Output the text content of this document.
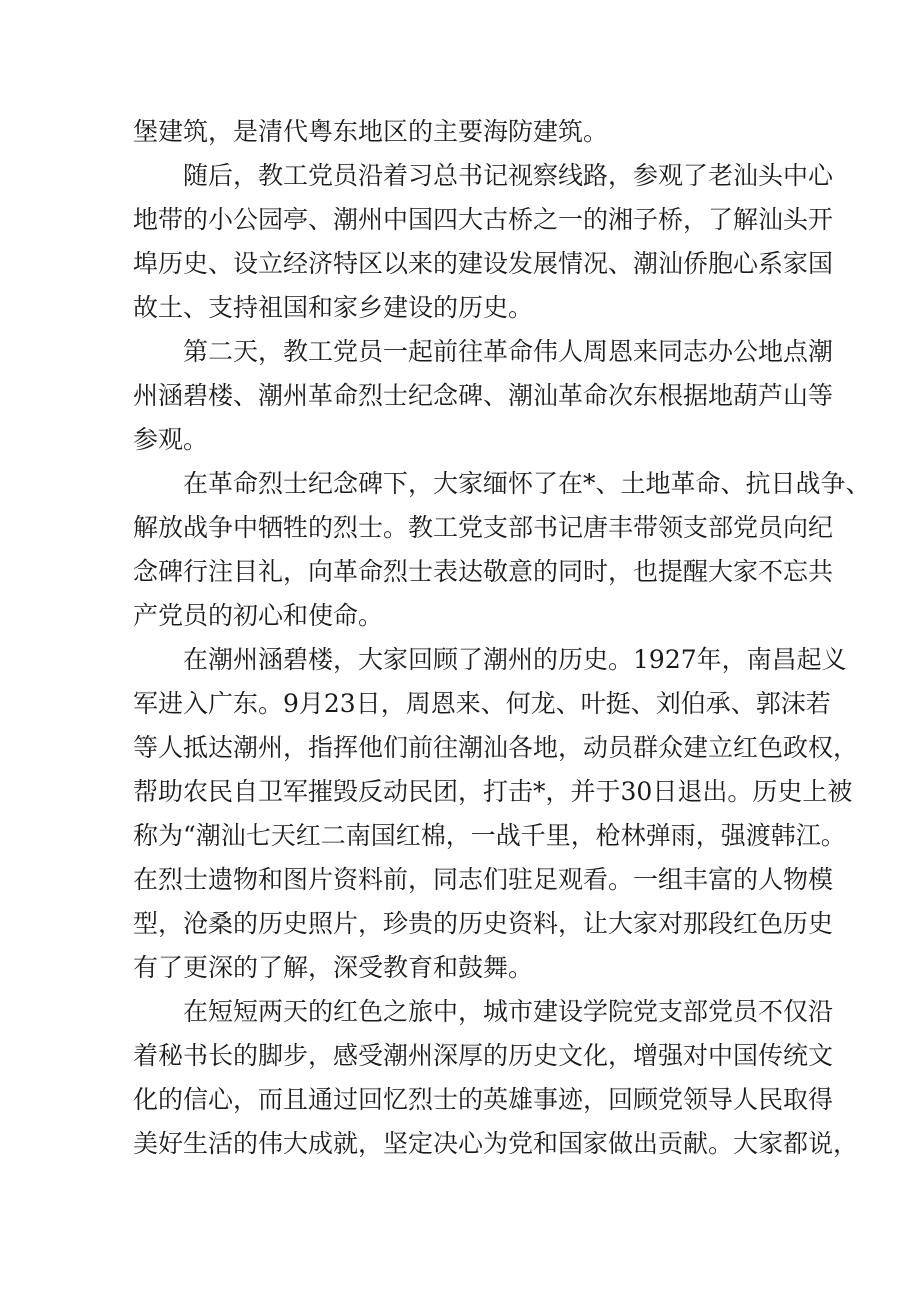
堡建筑，是清代粤东地区的主要海防建筑。
随后，教工党员沿着习总书记视察线路，参观了老汕头中心
地带的小公园亭、潮州中国四大古桥之一的湘子桥，了解汕头开
埠历史、设立经济特区以来的建设发展情况、潮汕侨胞心系家国
故土、支持祖国和家乡建设的历史。
第二天，教工党员一起前往革命伟人周恩来同志办公地点潮
州涵碧楼、潮州革命烈士纪念碑、潮汕革命次东根据地葫芦山等
参观。
在革命烈士纪念碑下，大家缅怀了在*、土地革命、抗日战争、
解放战争中牺牲的烈士。教工党支部书记唐丰带领支部党员向纪
念碑行注目礼，向革命烈士表达敬意的同时，也提醒大家不忘共
产党员的初心和使命。
在潮州涵碧楼，大家回顾了潮州的历史。1927年，南昌起义
军进入广东。9月23日，周恩来、何龙、叶挺、刘伯承、郭沫若
等人抵达潮州，指挥他们前往潮汕各地，动员群众建立红色政权，
帮助农民自卫军摧毁反动民团，打击*，并于30日退出。历史上被
称为“潮汕七天红二南国红棉，一战千里，枪林弹雨，强渡韩江。
在烈士遗物和图片资料前，同志们驻足观看。一组丰富的人物模
型，沧桑的历史照片，珍贵的历史资料，让大家对那段红色历史
有了更深的了解，深受教育和鼓舞。
在短短两天的红色之旅中，城市建设学院党支部党员不仅沿
着秘书长的脚步，感受潮州深厚的历史文化，增强对中国传统文
化的信心，而且通过回忆烈士的英雄事迹，回顾党领导人民取得
美好生活的伟大成就，坚定决心为党和国家做出贡献。大家都说，
